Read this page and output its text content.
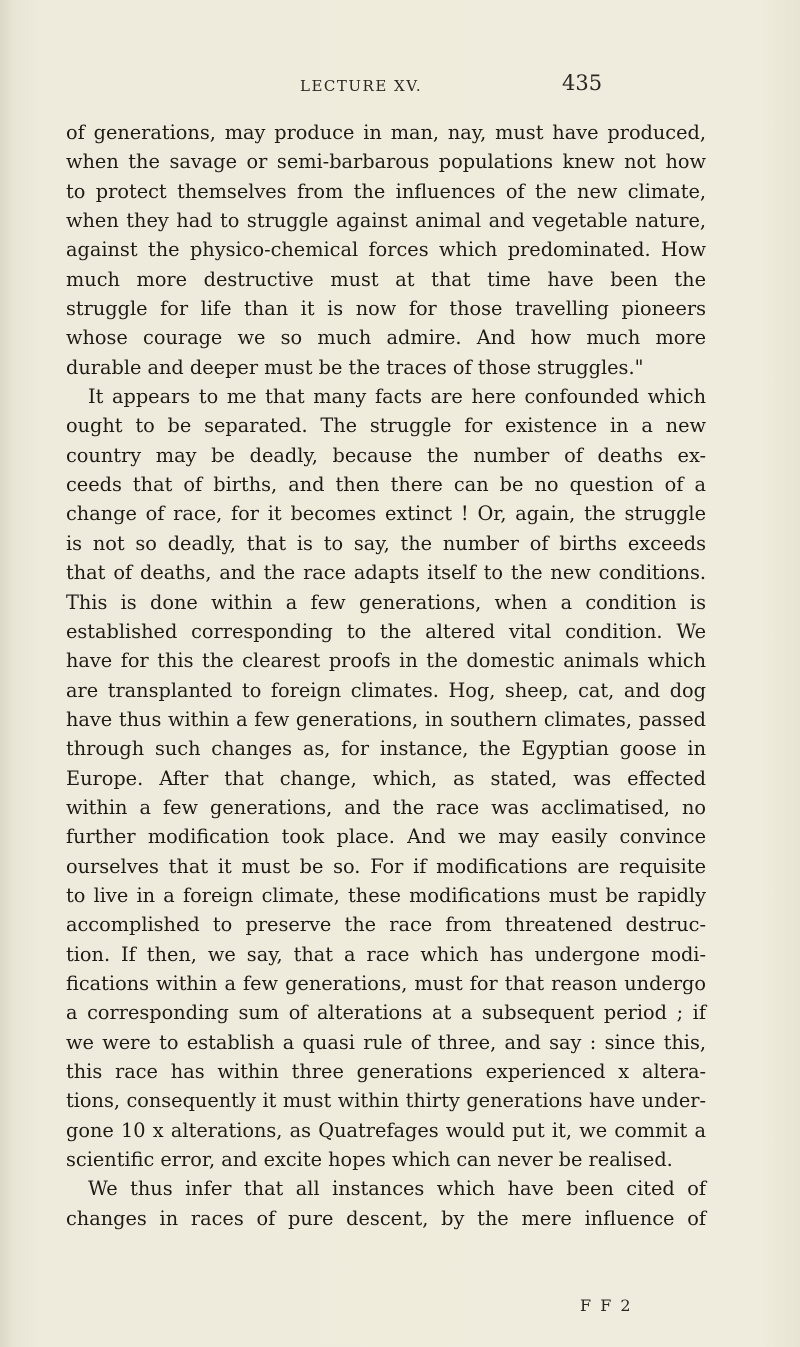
LECTURE XV.	435
of generations, may produce in man, nay, must have produced,
when the savage or semi-barbarous populations knew not how
to protect themselves from the influences of the new climate,
when they had to struggle against animal and vegetable nature,
against the physico-chemical forces which predominated. How
much more destructive must at that time have been the
struggle for life than it is now for those travelling pioneers
whose courage we so much admire. And how much more
durable and deeper must be the traces of those struggles."
It appears to me that many facts are here confounded which
ought to be separated. The struggle for existence in a new
country may be deadly, because the number of deaths ex-
ceeds that of births, and then there can be no question of a
change of race, for it becomes extinct ! Or, again, the struggle
is not so deadly, that is to say, the number of births exceeds
that of deaths, and the race adapts itself to the new conditions.
This is done within a few generations, when a condition is
established corresponding to the altered vital condition. We
have for this the clearest proofs in the domestic animals which
are transplanted to foreign climates. Hog, sheep, cat, and dog
have thus within a few generations, in southern climates, passed
through such changes as, for instance, the Egyptian goose in
Europe. After that change, which, as stated, was effected
within a few generations, and the race was acclimatised, no
further modification took place. And we may easily convince
ourselves that it must be so. For if modifications are requisite
to live in a foreign climate, these modifications must be rapidly
accomplished to preserve the race from threatened destruc-
tion. If then, we say, that a race which has undergone modi-
fications within a few generations, must for that reason undergo
a corresponding sum of alterations at a subsequent period ; if
we were to establish a quasi rule of three, and say : since this,
this race has within three generations experienced x altera-
tions, consequently it must within thirty generations have under-
gone 10 x alterations, as Quatrefages would put it, we commit a
scientific error, and excite hopes which can never be realised.
We thus infer that all instances which have been cited of
changes in races of pure descent, by the mere influence of
F F 2
